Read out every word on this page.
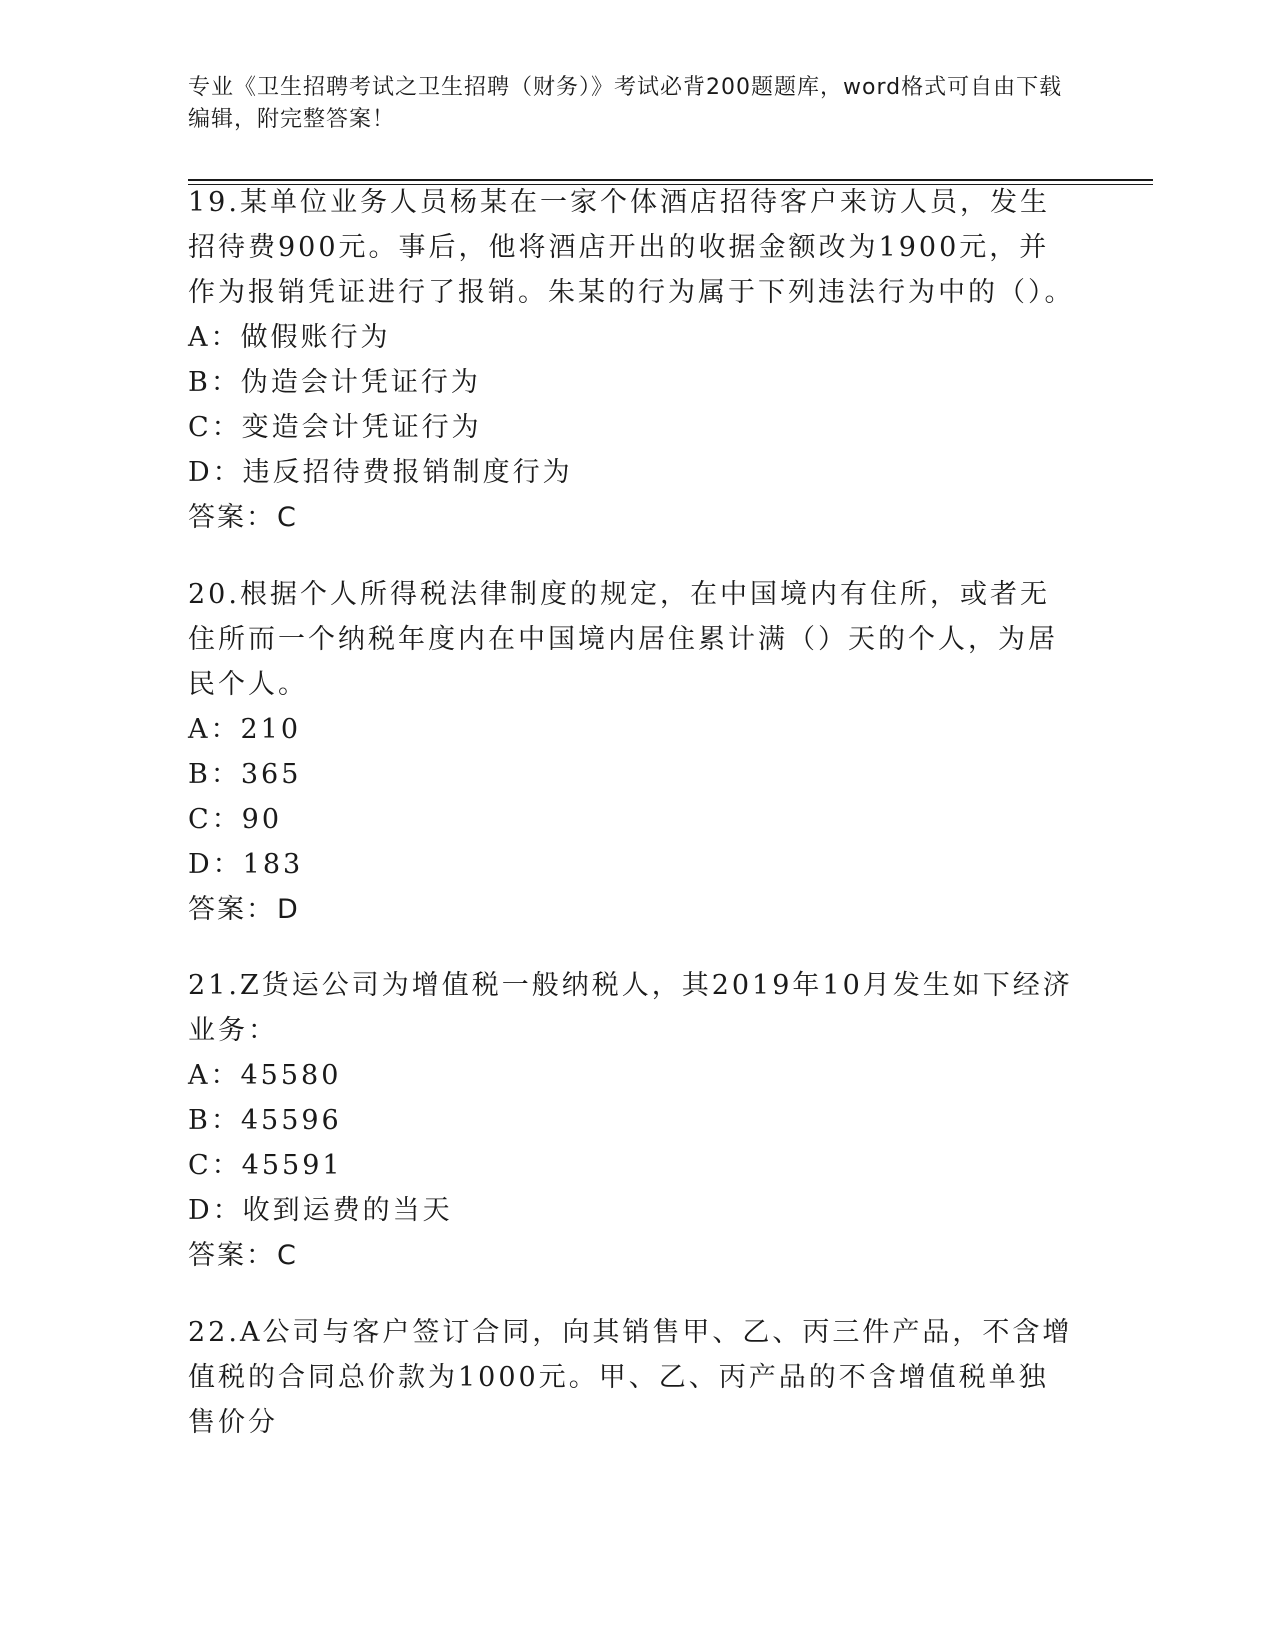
专业《卫生招聘考试之卫生招聘（财务）》考试必背200题题库，word格式可自由下载编辑，附完整答案！

19.某单位业务人员杨某在一家个体酒店招待客户来访人员，发生招待费900元。事后，他将酒店开出的收据金额改为1900元，并作为报销凭证进行了报销。朱某的行为属于下列违法行为中的（）。

A：做假账行为

B：伪造会计凭证行为

C：变造会计凭证行为

D：违反招待费报销制度行为

答案：C

20.根据个人所得税法律制度的规定，在中国境内有住所，或者无住所而一个纳税年度内在中国境内居住累计满（）天的个人，为居民个人。

A：210

B：365

C：90

D：183

答案：D

21.Z货运公司为增值税一般纳税人，其2019年10月发生如下经济业务：

A：45580

B：45596

C：45591

D：收到运费的当天

答案：C

22.A公司与客户签订合同，向其销售甲、乙、丙三件产品，不含增值税的合同总价款为1000元。甲、乙、丙产品的不含增值税单独售价分
